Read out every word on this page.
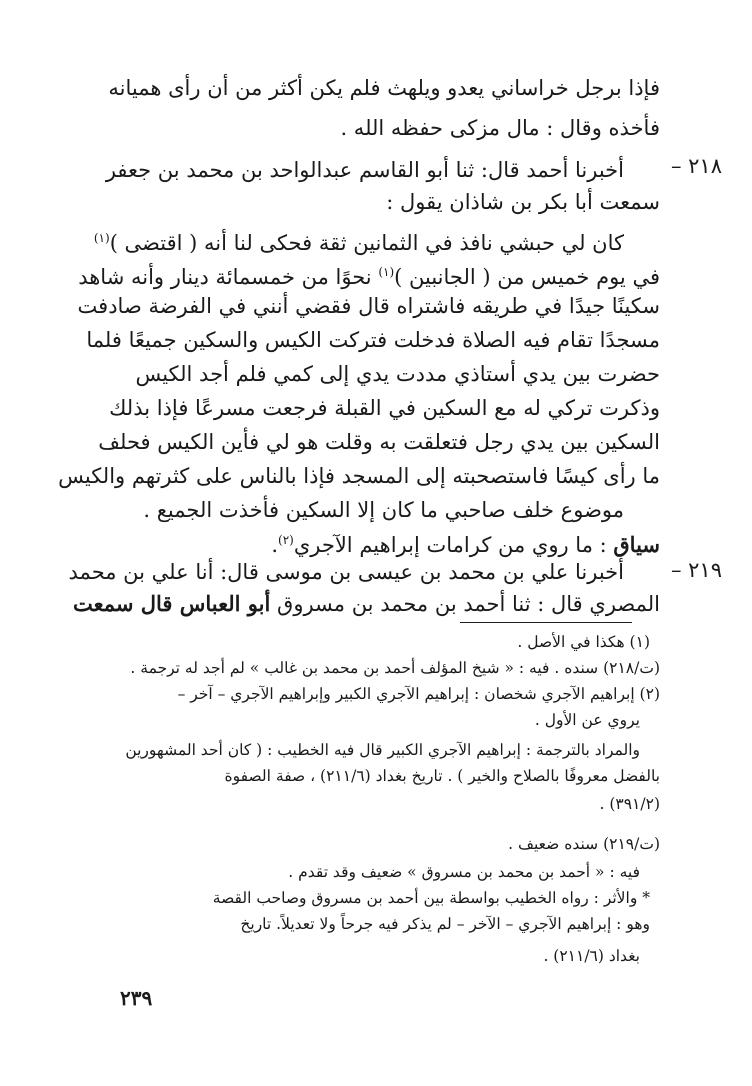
فإذا برجل خراساني يعدو ويلهث فلم يكن أكثر من أن رأى هميانه

فأخذه وقال : مال مزكى حفظه الله .

٢١٨ –

أخبرنا أحمد قال: ثنا أبو القاسم عبدالواحد بن محمد بن جعفر

سمعت أبا بكر بن شاذان يقول :

كان لي حبشي نافذ في الثمانين ثقة فحكى لنا أنه ( اقتضى )$^{(١)}$

في يوم خميس من ( الجانبين )$^{(١)}$ نحوًا من خمسمائة دينار وأنه شاهد

سكينًا جيدًا في طريقه فاشتراه قال فقضي أنني في الفرضة صادفت

مسجدًا تقام فيه الصلاة فدخلت فتركت الكيس والسكين جميعًا فلما

حضرت بين يدي أستاذي مددت يدي إلى كمي فلم أجد الكيس

وذكرت تركي له مع السكين في القبلة فرجعت مسرعًا فإذا بذلك

السكين بين يدي رجل فتعلقت به وقلت هو لي فأين الكيس فحلف

ما رأى كيسًا فاستصحبته إلى المسجد فإذا بالناس على كثرتهم والكيس

موضوع خلف صاحبي ما كان إلا السكين فأخذت الجميع .

سياق : ما روي من كرامات إبراهيم الآجري$^{(٢)}$.

٢١٩ –

أخبرنا علي بن محمد بن عيسى بن موسى قال: أنا علي بن محمد

المصري قال : ثنا أحمد بن محمد بن مسروق أبو العباس قال سمعت

(١) هكذا في الأصل .

(ت/٢١٨) سنده . فيه : « شيخ المؤلف أحمد بن محمد بن غالب » لم أجد له ترجمة .

(٢) إبراهيم الآجري شخصان : إبراهيم الآجري الكبير وإبراهيم الآجري – آخر –

يروي عن الأول .

والمراد بالترجمة : إبراهيم الآجري الكبير قال فيه الخطيب : ( كان أحد المشهورين

بالفضل معروفًا بالصلاح والخير ) . تاريخ بغداد (٢١١/٦) ، صفة الصفوة

(٣٩١/٢) .

(ت/٢١٩) سنده ضعيف .

فيه : « أحمد بن محمد بن مسروق » ضعيف وقد تقدم .

* والأثر : رواه الخطيب بواسطة بين أحمد بن مسروق وصاحب القصة

وهو : إبراهيم الآجري – الآخر – لم يذكر فيه جرحاً ولا تعديلاً. تاريخ

بغداد (٢١١/٦) .

٢٣٩
